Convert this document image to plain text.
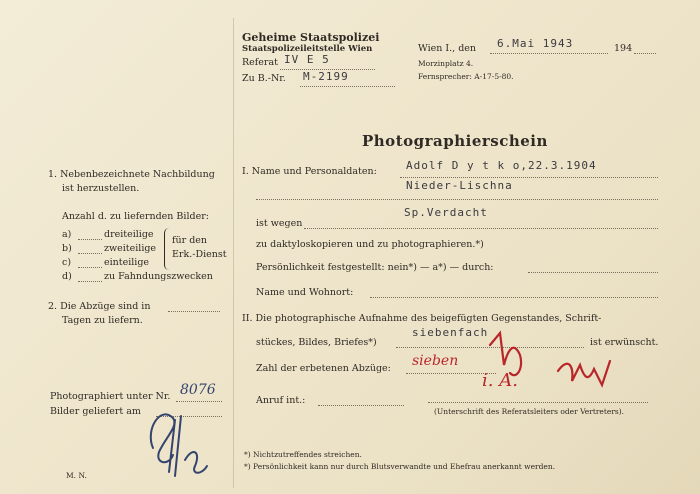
Geheime Staatspolizei
Staatspolizeileitstelle Wien
Referat IV E 5
Zu B.-Nr. M-2199
Wien I., den 6.Mai 1943	194
Morzinplatz 4.
Fernsprecher: A-17-5-80.
Photographierschein
1. Nebenbezeichnete Nachbildung
ist herzustellen.
Anzahl d. zu liefernden Bilder:
a)	dreiteilige
b)	zweiteilige
c)	einteilige
d)	zu Fahndungszwecken
für den
Erk.-Dienst
2. Die Abzüge sind in
Tagen zu liefern.
Photographiert unter Nr. 8076
Bilder geliefert am
M. N.
I. Name und Personaldaten:	Adolf D y t k o,22.3.1904
Nieder-Lischna
Sp.Verdacht
ist wegen
zu daktyloskopieren und zu photographieren.*)
Persönlichkeit festgestellt: nein*) — a*) — durch:
Name und Wohnort:
II. Die photographische Aufnahme des beigefügten Gegenstandes, Schrift-
siebenfach
stückes, Bildes, Briefes*)	ist erwünscht.
Zahl der erbetenen Abzüge: sieben
i. A.
Anruf int.:
(Unterschrift des Referatsleiters oder Vertreters).
*) Nichtzutreffendes streichen.
*) Persönlichkeit kann nur durch Blutsverwandte und Ehefrau anerkannt werden.
